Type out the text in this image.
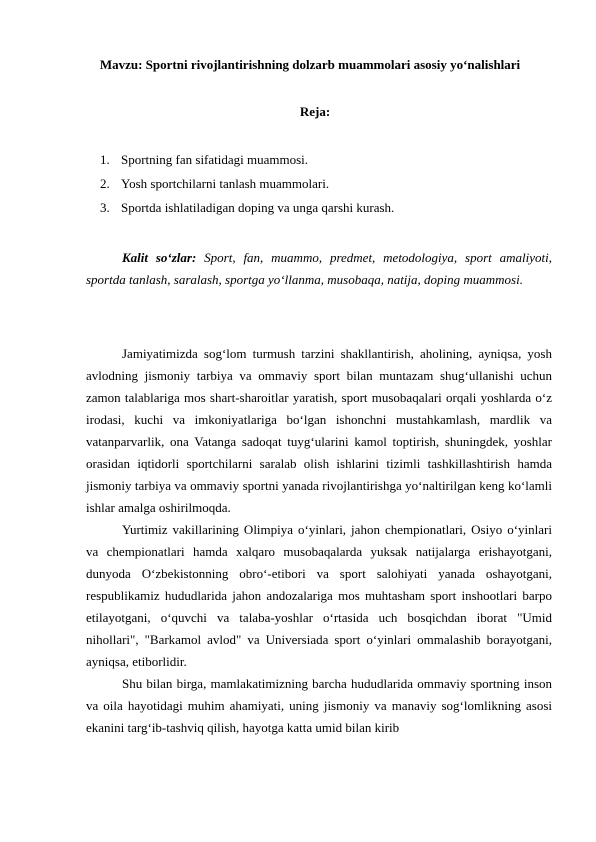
Mavzu: Sportni rivojlantirishning dolzarb muammolari asosiy yo‘nalishlari
Reja:
1. Sportning fan sifatidagi muammosi.
2. Yosh sportchilarni tanlash muammolari.
3. Sportda ishlatiladigan doping va unga qarshi kurash.

Kalit so‘zlar: Sport, fan, muammo, predmet, metodologiya, sport amaliyoti, sportda tanlash, saralash, sportga yo‘llanma, musobaqa, natija, doping muammosi.

Jamiyatimizda sog‘lom turmush tarzini shakllantirish, aholining, ayniqsa, yosh avlodning jismoniy tarbiya va ommaviy sport bilan muntazam shug‘ullanishi uchun zamon talablariga mos shart-sharoitlar yaratish, sport musobaqalari orqali yoshlarda o‘z irodasi, kuchi va imkoniyatlariga bo‘lgan ishonchni mustahkamlash, mardlik va vatanparvarlik, ona Vatanga sadoqat tuyg‘ularini kamol toptirish, shuningdek, yoshlar orasidan iqtidorli sportchilarni saralab olish ishlarini tizimli tashkillashtirish hamda jismoniy tarbiya va ommaviy sportni yanada rivojlantirishga yo‘naltirilgan keng ko‘lamli ishlar amalga oshirilmoqda.

Yurtimiz vakillarining Olimpiya o‘yinlari, jahon chempionatlari, Osiyo o‘yinlari va chempionatlari hamda xalqaro musobaqalarda yuksak natijalarga erishayotgani, dunyoda O‘zbekistonning obro‘-etibori va sport salohiyati yanada oshayotgani, respublikamiz hududlarida jahon andozalariga mos muhtasham sport inshootlari barpo etilayotgani, o‘quvchi va talaba-yoshlar o‘rtasida uch bosqichdan iborat "Umid nihollari", "Barkamol avlod" va Universiada sport o‘yinlari ommalashib borayotgani, ayniqsa, etiborlidir.

Shu bilan birga, mamlakatimizning barcha hududlarida ommaviy sportning inson va oila hayotidagi muhim ahamiyati, uning jismoniy va manaviy sog‘lomlikning asosi ekanini targ‘ib-tashviq qilish, hayotga katta umid bilan kirib
